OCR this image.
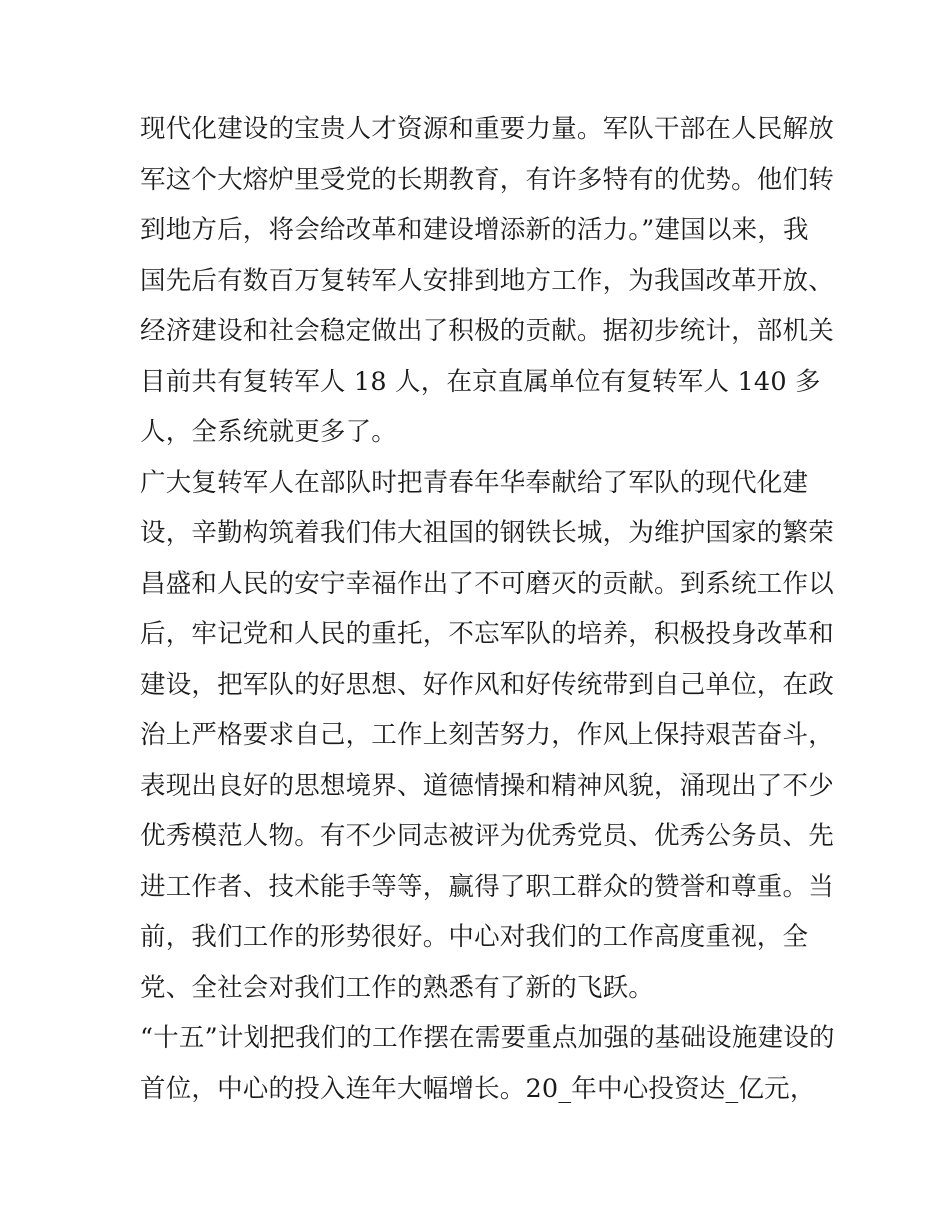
现代化建设的宝贵人才资源和重要力量。军队干部在人民解放
军这个大熔炉里受党的长期教育，有许多特有的优势。他们转
到地方后，将会给改革和建设增添新的活力。”建国以来，我
国先后有数百万复转军人安排到地方工作，为我国改革开放、
经济建设和社会稳定做出了积极的贡献。据初步统计，部机关
目前共有复转军人 18 人，在京直属单位有复转军人 140 多
人，全系统就更多了。
广大复转军人在部队时把青春年华奉献给了军队的现代化建
设，辛勤构筑着我们伟大祖国的钢铁长城，为维护国家的繁荣
昌盛和人民的安宁幸福作出了不可磨灭的贡献。到系统工作以
后，牢记党和人民的重托，不忘军队的培养，积极投身改革和
建设，把军队的好思想、好作风和好传统带到自己单位，在政
治上严格要求自己，工作上刻苦努力，作风上保持艰苦奋斗，
表现出良好的思想境界、道德情操和精神风貌，涌现出了不少
优秀模范人物。有不少同志被评为优秀党员、优秀公务员、先
进工作者、技术能手等等，赢得了职工群众的赞誉和尊重。当
前，我们工作的形势很好。中心对我们的工作高度重视，全
党、全社会对我们工作的熟悉有了新的飞跃。
“十五”计划把我们的工作摆在需要重点加强的基础设施建设的
首位，中心的投入连年大幅增长。20_年中心投资达_亿元，
